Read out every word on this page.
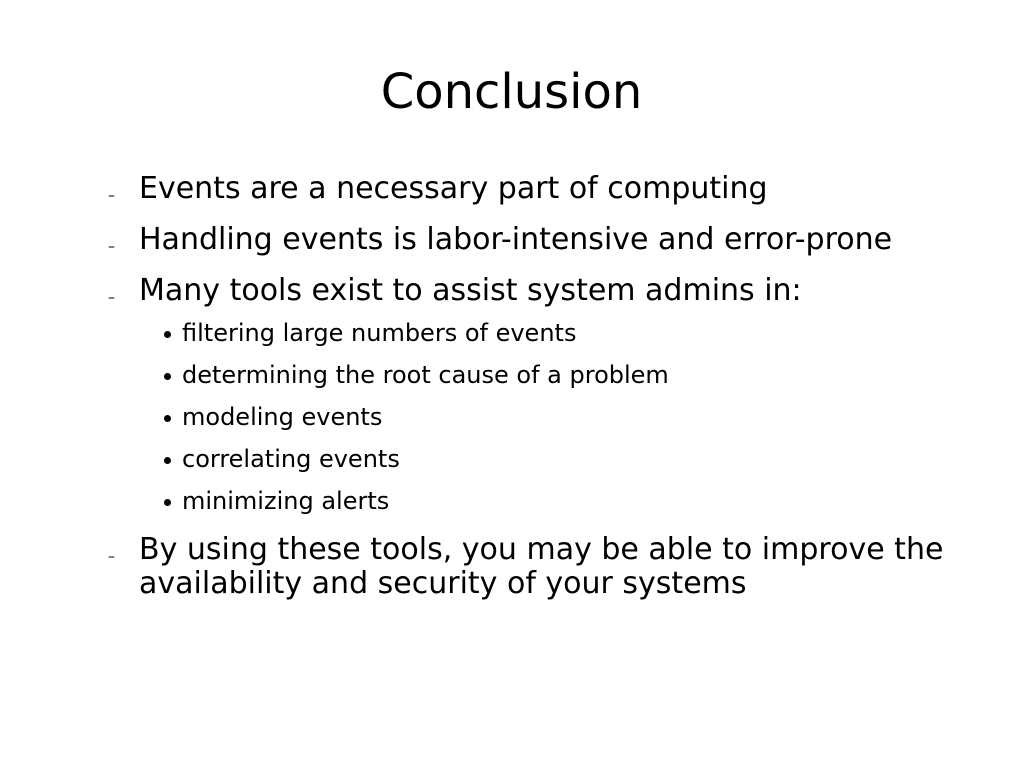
Conclusion
– Events are a necessary part of computing
– Handling events is labor-intensive and error-prone
– Many tools exist to assist system admins in:
filtering large numbers of events
determining the root cause of a problem
modeling events
correlating events
minimizing alerts
– By using these tools, you may be able to improve the availability and security of your systems
